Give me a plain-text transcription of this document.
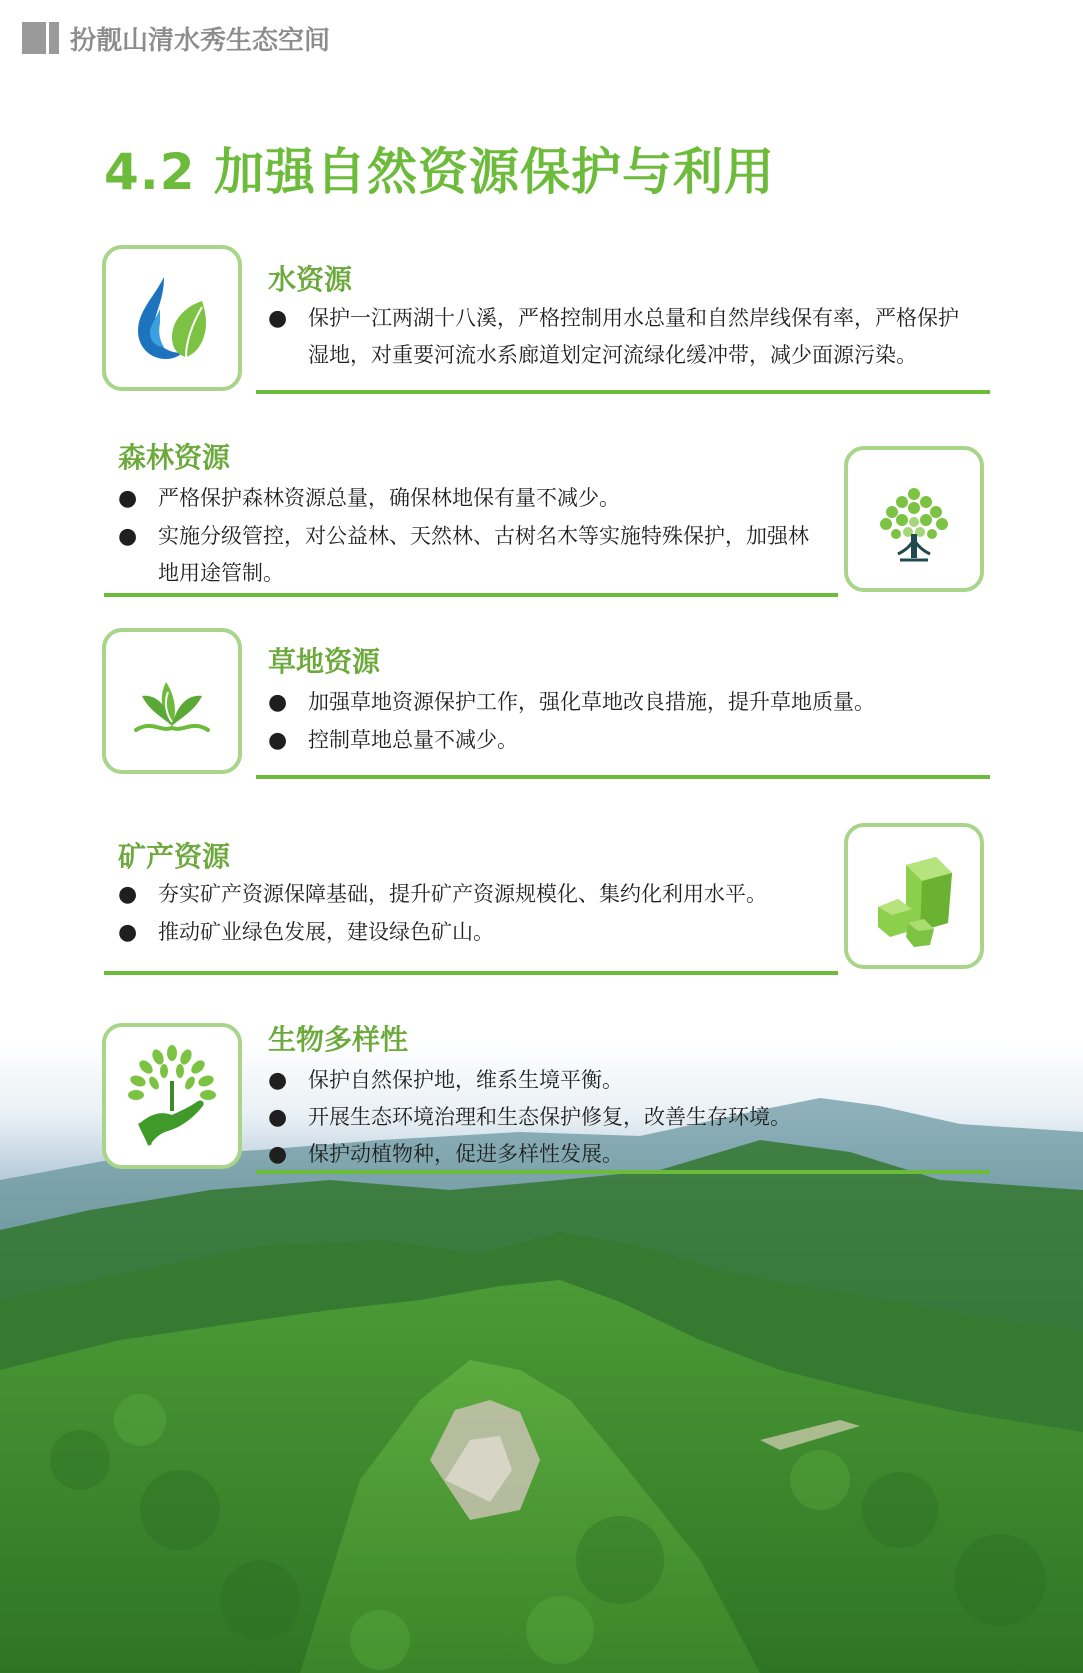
扮靓山清水秀生态空间
4.2 加强自然资源保护与利用
水资源
● 保护一江两湖十八溪，严格控制用水总量和自然岸线保有率，严格保护湿地，对重要河流水系廊道划定河流绿化缓冲带，减少面源污染。
森林资源
● 严格保护森林资源总量，确保林地保有量不减少。
● 实施分级管控，对公益林、天然林、古树名木等实施特殊保护，加强林地用途管制。
草地资源
● 加强草地资源保护工作，强化草地改良措施，提升草地质量。
● 控制草地总量不减少。
矿产资源
● 夯实矿产资源保障基础，提升矿产资源规模化、集约化利用水平。
● 推动矿业绿色发展，建设绿色矿山。
生物多样性
● 保护自然保护地，维系生境平衡。
● 开展生态环境治理和生态保护修复，改善生存环境。
● 保护动植物种，促进多样性发展。
